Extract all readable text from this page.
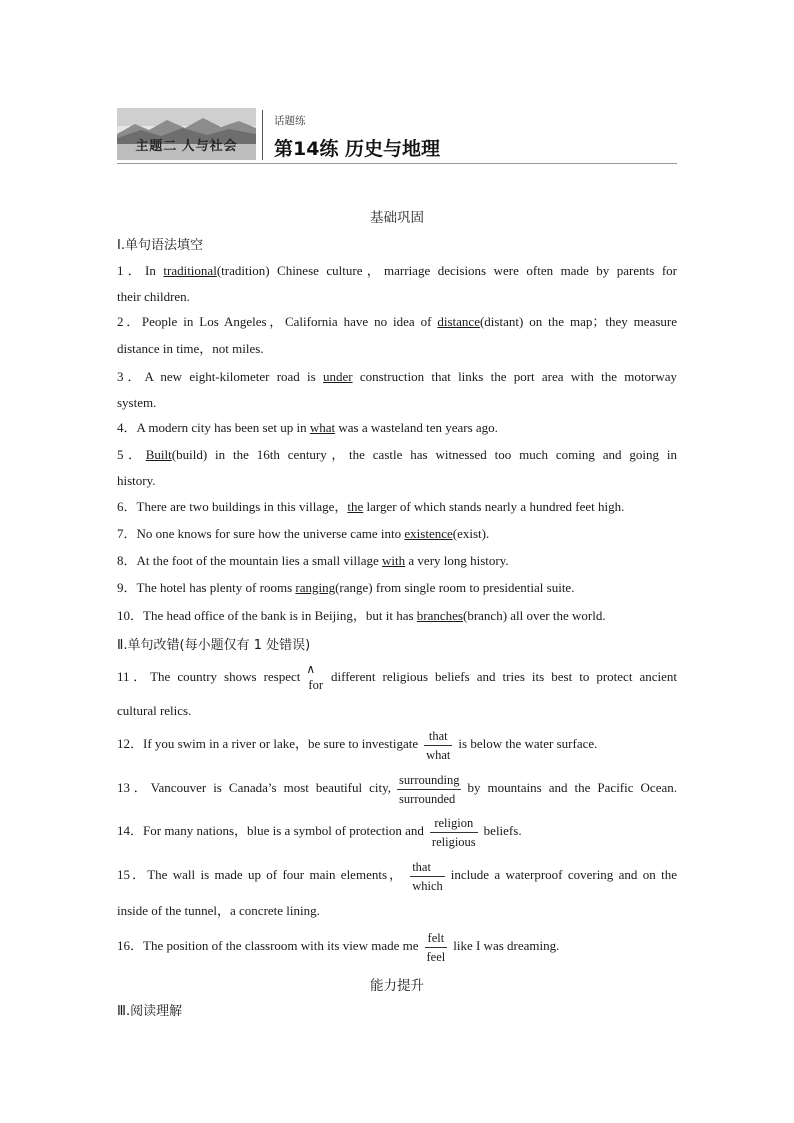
主题二 人与社会
话题练
第14练 历史与地理
基础巩固
Ⅰ.单句语法填空
1．In traditional(tradition) Chinese culture，marriage decisions were often made by parents for
their children.
2．People in Los Angeles，California have no idea of distance(distant) on the map；they measure
distance in time，not miles.
3．A new eight-kilometer road is under construction that links the port area with the motorway
system.
4．A modern city has been set up in what was a wasteland ten years ago.
5．Built(build) in the 16th century，the castle has witnessed too much coming and going in
history.
6．There are two buildings in this village，the larger of which stands nearly a hundred feet high.
7．No one knows for sure how the universe came into existence(exist).
8．At the foot of the mountain lies a small village with a very long history.
9．The hotel has plenty of rooms ranging(range) from single room to presidential suite.
10．The head office of the bank is in Beijing，but it has branches(branch) all over the world.
Ⅱ.单句改错(每小题仅有 1 处错误)
11．The country shows respect ∧
for
different religious beliefs and tries its best to protect ancient
cultural relics.
12．If you swim in a river or lake，be sure to investigate
that
what
is below the water surface.
13．Vancouver is Canada’s most beautiful city,
surrounding
surrounded
by mountains and the Pacific Ocean.
14．For many nations，blue is a symbol of protection and
religion
religious
beliefs.
15．The wall is made up of four main elements，
that
which
include a waterproof covering and on the
inside of the tunnel，a concrete lining.
16．The position of the classroom with its view made me
felt
feel
like I was dreaming.
能力提升
Ⅲ.阅读理解
